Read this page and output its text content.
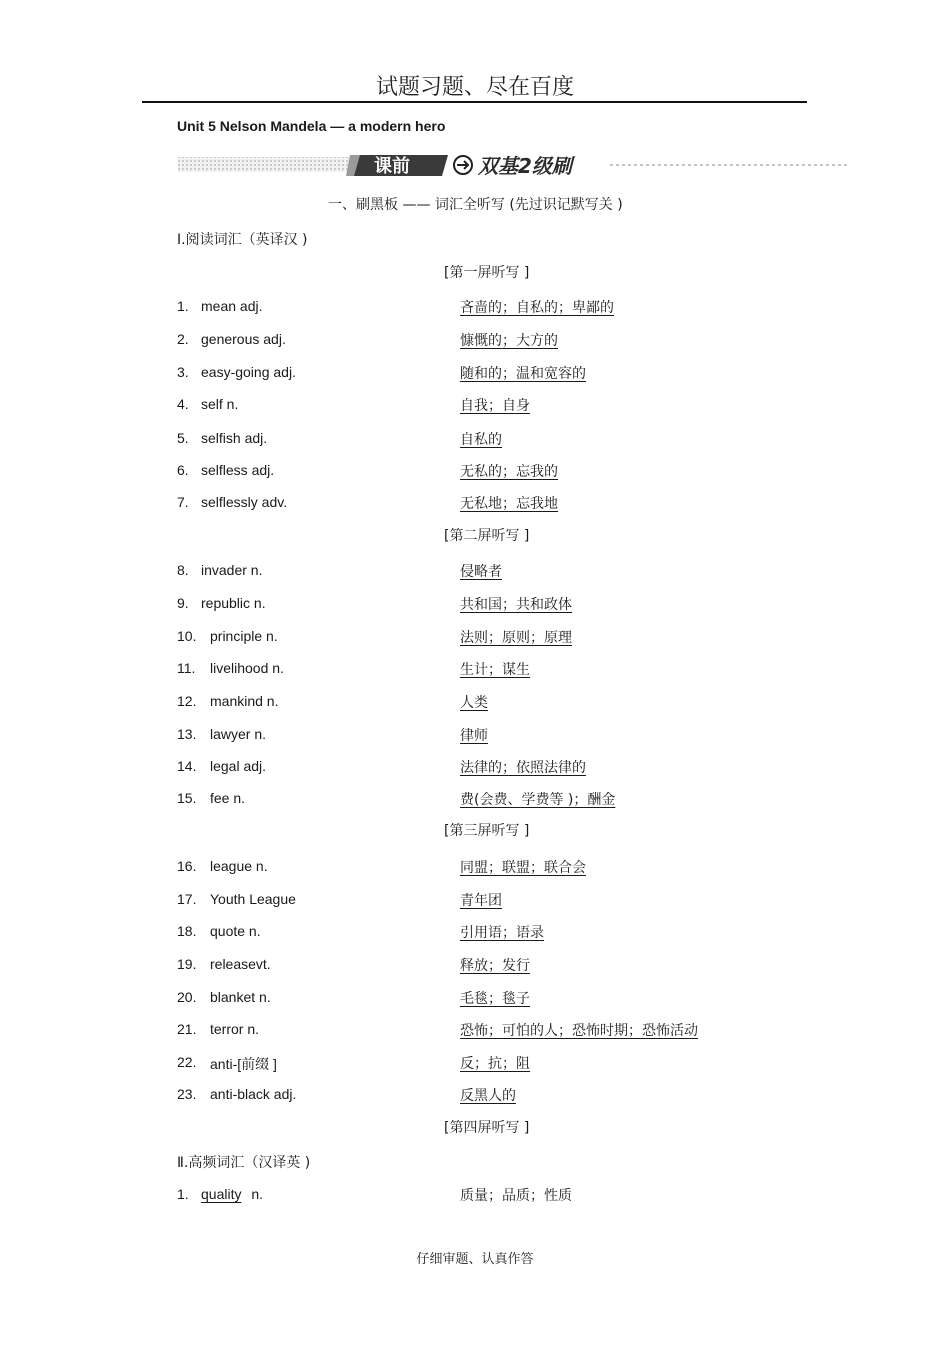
试题习题、尽在百度
Unit 5 Nelson Mandela — a modern hero
课前	双基2级刷
一、刷黑板 —— 词汇全听写 (先过识记默写关 )
Ⅰ.阅读词汇（英译汉 )
[第一屏听写 ]
[第二屏听写 ]
[第三屏听写 ]
[第四屏听写 ]
1. mean adj.	吝啬的；自私的；卑鄙的
2. generous adj.	慷慨的；大方的
3. easy-going adj.	随和的；温和宽容的
4. self n.	自我；自身
5. selfish adj.	自私的
6. selfless adj.	无私的；忘我的
7. selflessly adv.	无私地；忘我地
8. invader n.	侵略者
9. republic n.	共和国；共和政体
10. principle n.	法则；原则；原理
11. livelihood n.	生计；谋生
12. mankind n.	人类
13. lawyer n.	律师
14. legal adj.	法律的；依照法律的
15. fee n.	费(会费、学费等 )；酬金
16. league n.	同盟；联盟；联合会
17. Youth League	青年团
18. quote n.	引用语；语录
19. releasevt.	释放；发行
20. blanket n.	毛毯；毯子
21. terror n.	恐怖；可怕的人；恐怖时期；恐怖活动
22. anti-[前缀 ]	反；抗；阻
23. anti-black adj.	反黑人的
Ⅱ.高频词汇（汉译英 )
1. quality n.	质量；品质；性质
仔细审题、认真作答
